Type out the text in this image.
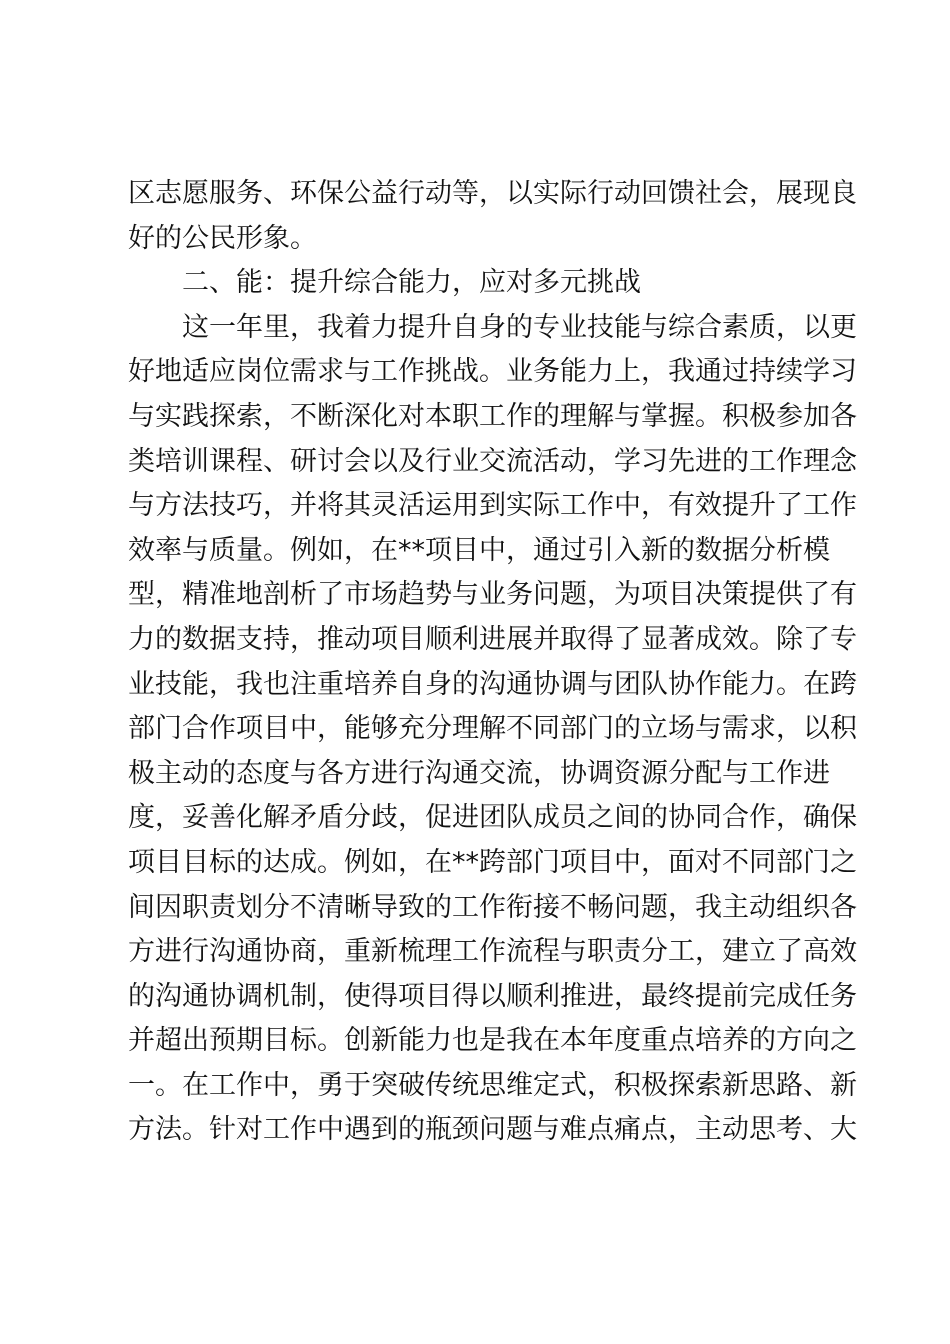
区 志 愿 服 务 、 环 保 公 益 行 动 等 ， 以 实 际 行 动 回 馈 社 会 ， 展 现 良
好的公民形象。
二、能：提升综合能力，应对多元挑战
这 一 年 里 ， 我 着 力 提 升 自 身 的 专 业 技 能 与 综 合 素 质 ， 以 更
好 地 适 应 岗 位 需 求 与 工 作 挑 战 。 业 务 能 力 上 ， 我 通 过 持 续 学 习
与 实 践 探 索 ， 不 断 深 化 对 本 职 工 作 的 理 解 与 掌 握 。 积 极 参 加 各
类 培 训 课 程 、 研 讨 会 以 及 行 业 交 流 活 动 ， 学 习 先 进 的 工 作 理 念
与 方 法 技 巧 ， 并 将 其 灵 活 运 用 到 实 际 工 作 中 ， 有 效 提 升 了 工 作
效 率 与 质 量 。 例 如 ， 在 * * 项 目 中 ， 通 过 引 入 新 的 数 据 分 析 模
型 ， 精 准 地 剖 析 了 市 场 趋 势 与 业 务 问 题 ， 为 项 目 决 策 提 供 了 有
力 的 数 据 支 持 ， 推 动 项 目 顺 利 进 展 并 取 得 了 显 著 成 效 。 除 了 专
业 技 能 ， 我 也 注 重 培 养 自 身 的 沟 通 协 调 与 团 队 协 作 能 力 。 在 跨
部 门 合 作 项 目 中 ， 能 够 充 分 理 解 不 同 部 门 的 立 场 与 需 求 ， 以 积
极 主 动 的 态 度 与 各 方 进 行 沟 通 交 流 ， 协 调 资 源 分 配 与 工 作 进
度 ， 妥 善 化 解 矛 盾 分 歧 ， 促 进 团 队 成 员 之 间 的 协 同 合 作 ， 确 保
项 目 目 标 的 达 成 。 例 如 ， 在 * * 跨 部 门 项 目 中 ， 面 对 不 同 部 门 之
间 因 职 责 划 分 不 清 晰 导 致 的 工 作 衔 接 不 畅 问 题 ， 我 主 动 组 织 各
方 进 行 沟 通 协 商 ， 重 新 梳 理 工 作 流 程 与 职 责 分 工 ， 建 立 了 高 效
的 沟 通 协 调 机 制 ， 使 得 项 目 得 以 顺 利 推 进 ， 最 终 提 前 完 成 任 务
并 超 出 预 期 目 标 。 创 新 能 力 也 是 我 在 本 年 度 重 点 培 养 的 方 向 之
一 。 在 工 作 中 ， 勇 于 突 破 传 统 思 维 定 式 ， 积 极 探 索 新 思 路 、 新
方 法 。 针 对 工 作 中 遇 到 的 瓶 颈 问 题 与 难 点 痛 点 ， 主 动 思 考 、 大
